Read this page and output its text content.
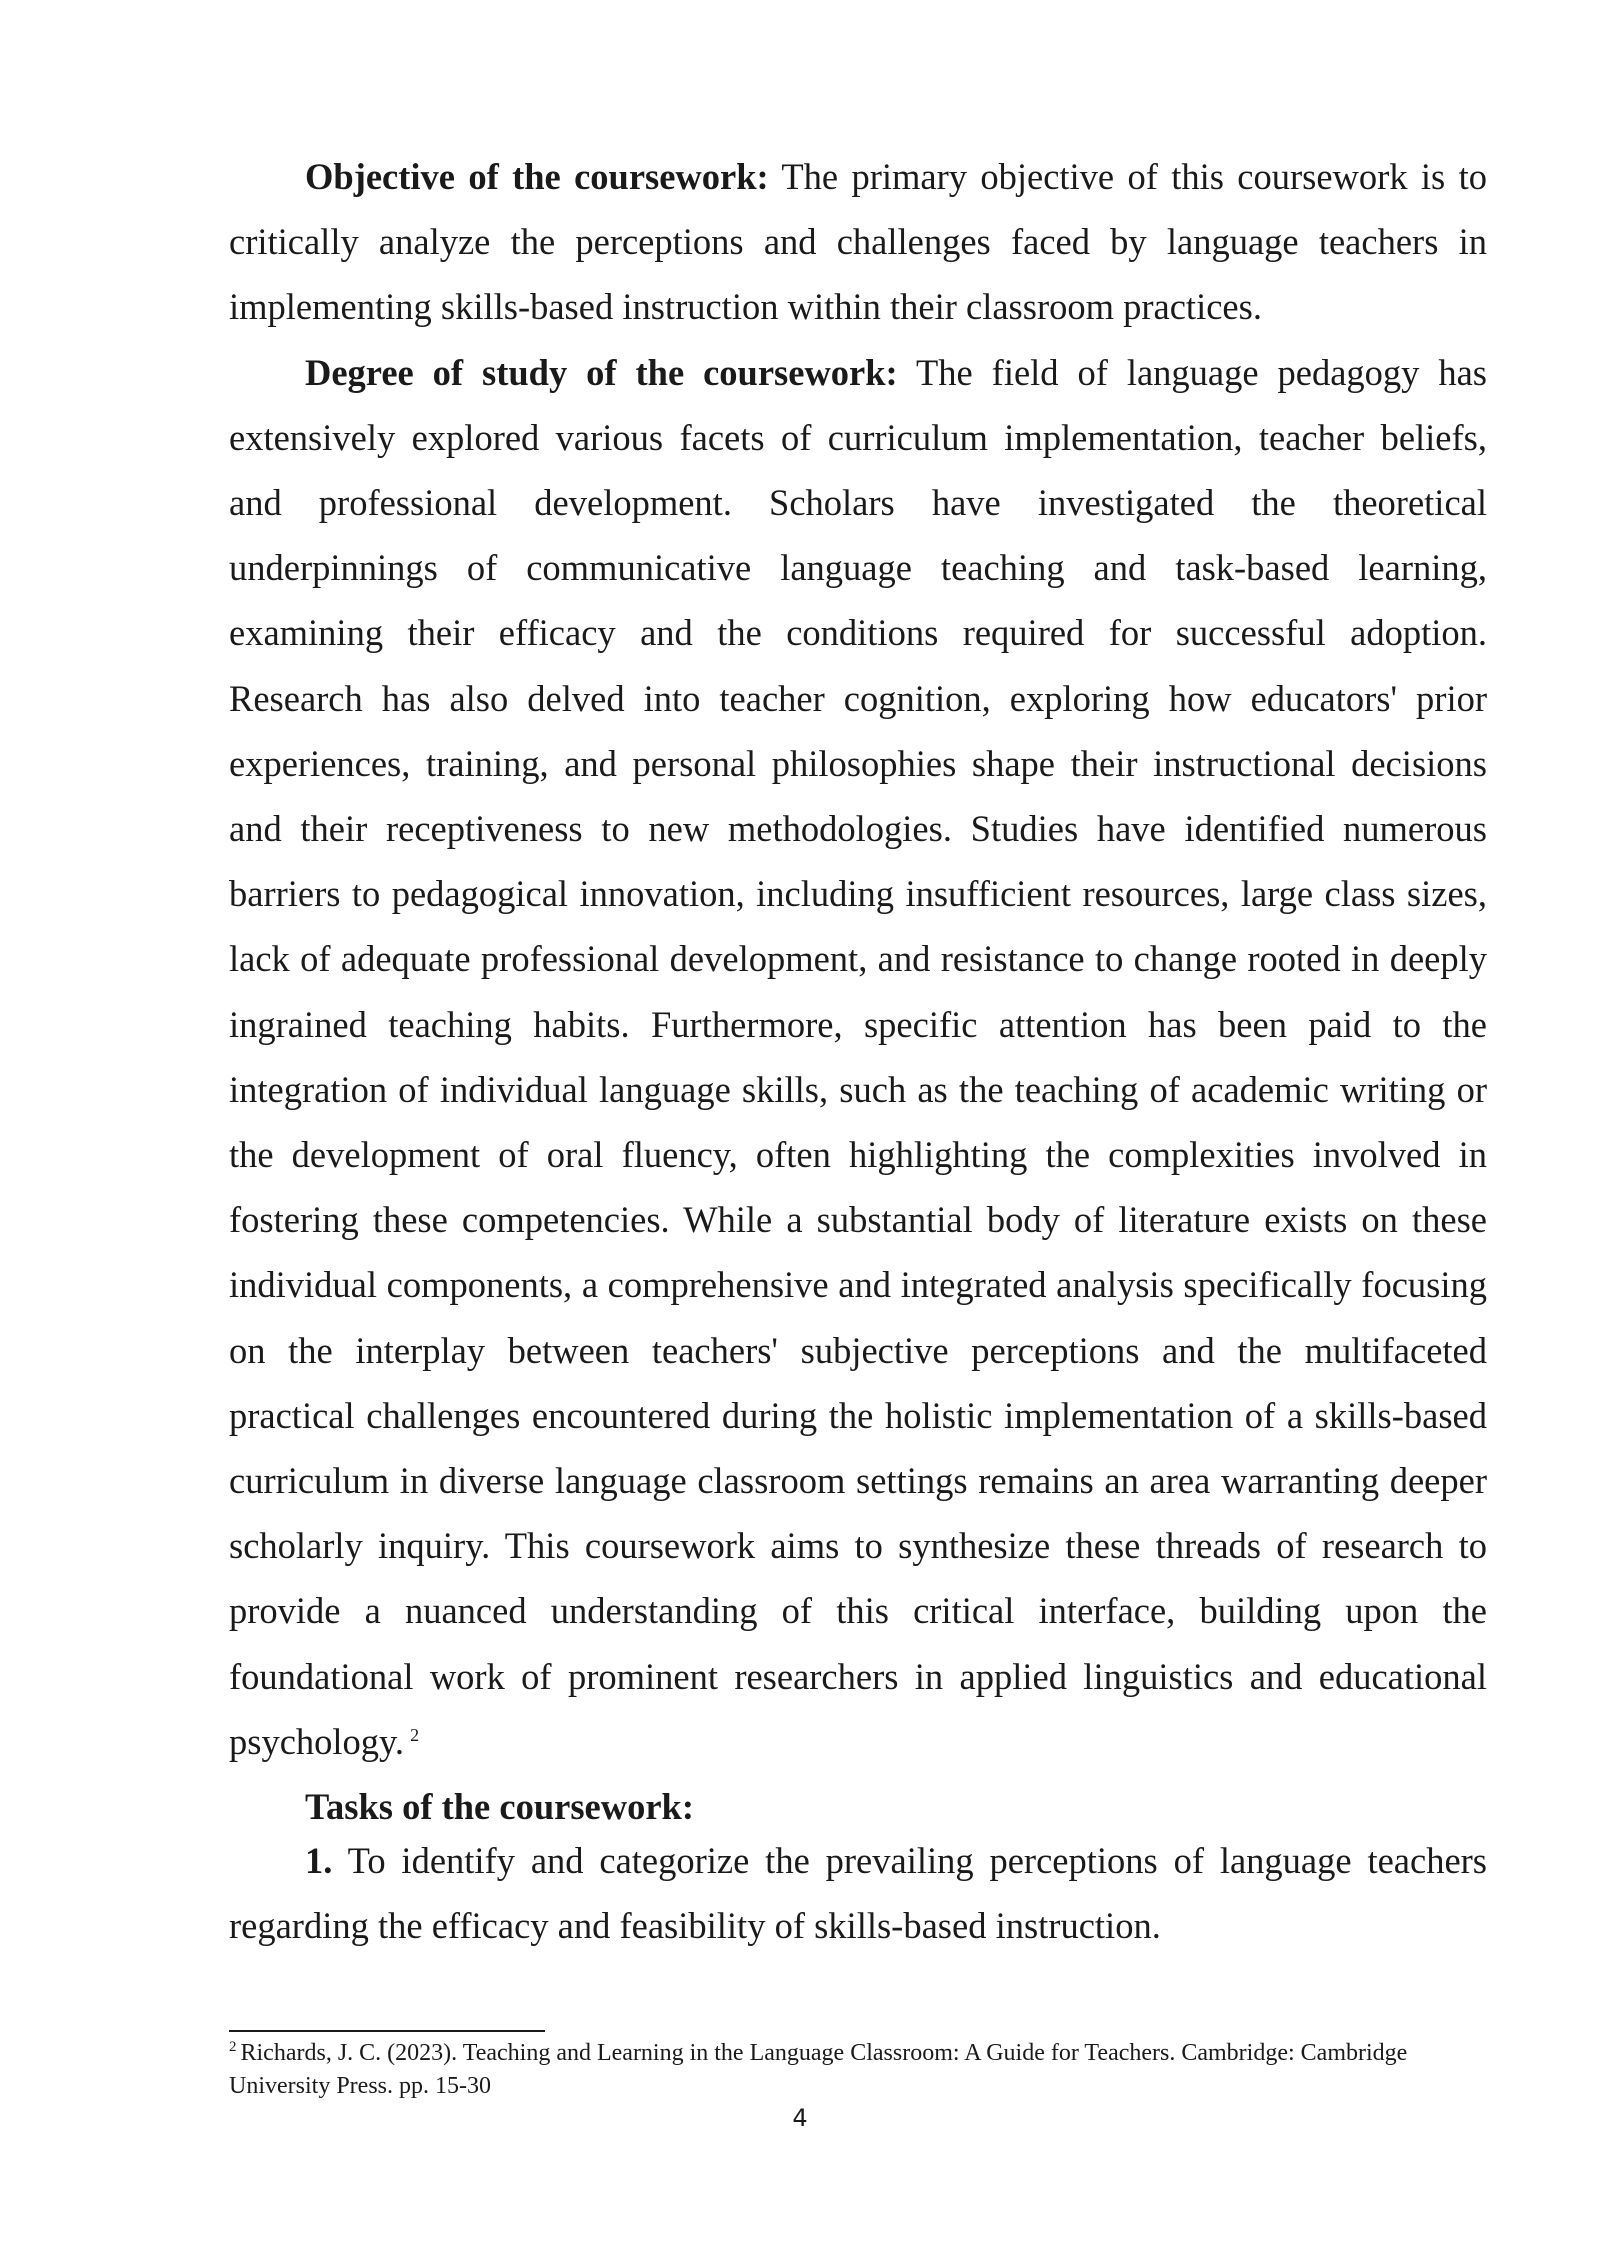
Objective of the coursework: The primary objective of this coursework is to critically analyze the perceptions and challenges faced by language teachers in implementing skills-based instruction within their classroom practices.

Degree of study of the coursework: The field of language pedagogy has extensively explored various facets of curriculum implementation, teacher beliefs, and professional development. Scholars have investigated the theoretical underpinnings of communicative language teaching and task-based learning, examining their efficacy and the conditions required for successful adoption. Research has also delved into teacher cognition, exploring how educators' prior experiences, training, and personal philosophies shape their instructional decisions and their receptiveness to new methodologies. Studies have identified numerous barriers to pedagogical innovation, including insufficient resources, large class sizes, lack of adequate professional development, and resistance to change rooted in deeply ingrained teaching habits. Furthermore, specific attention has been paid to the integration of individual language skills, such as the teaching of academic writing or the development of oral fluency, often highlighting the complexities involved in fostering these competencies. While a substantial body of literature exists on these individual components, a comprehensive and integrated analysis specifically focusing on the interplay between teachers' subjective perceptions and the multifaceted practical challenges encountered during the holistic implementation of a skills-based curriculum in diverse language classroom settings remains an area warranting deeper scholarly inquiry. This coursework aims to synthesize these threads of research to provide a nuanced understanding of this critical interface, building upon the foundational work of prominent researchers in applied linguistics and educational psychology. $^2$

Tasks of the coursework:

1. To identify and categorize the prevailing perceptions of language teachers regarding the efficacy and feasibility of skills-based instruction.

$^2$ Richards, J. C. (2023). Teaching and Learning in the Language Classroom: A Guide for Teachers. Cambridge: Cambridge University Press. pp. 15-30
4
